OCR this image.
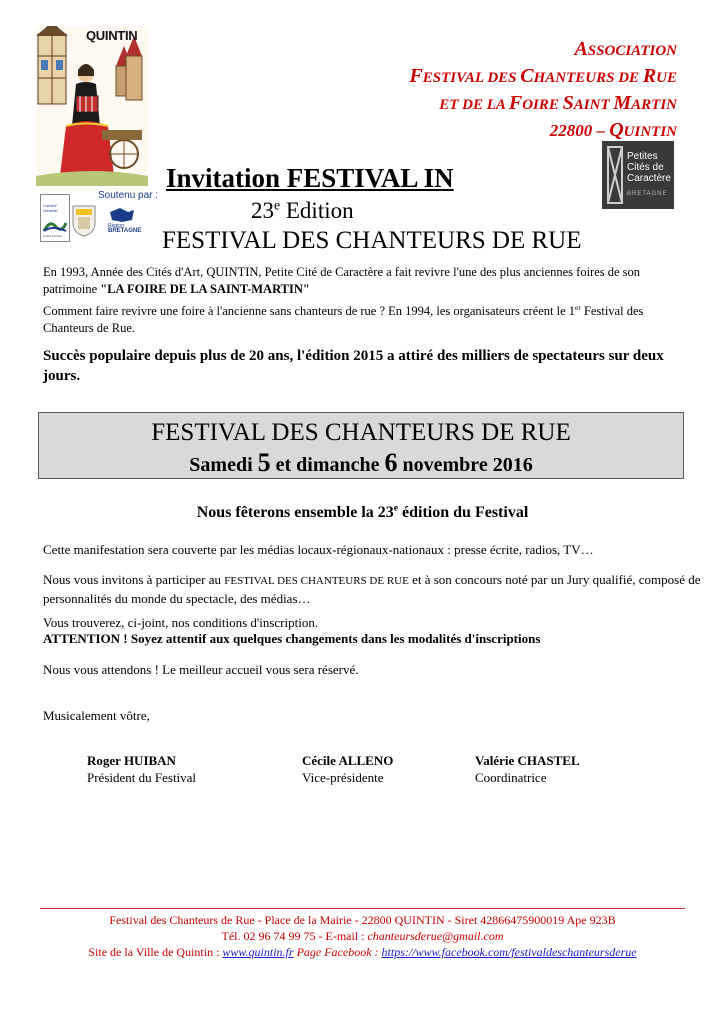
QUINTIN
Soutenu par :
Conseil Général
Côtes d'Armor
Région
BRETAGNE
ASSOCIATION
FESTIVAL DES CHANTEURS DE RUE
ET DE LA FOIRE SAINT MARTIN
22800 – QUINTIN
Petites
Cités de
Caractère
BRETAGNE
Invitation FESTIVAL IN
23e Edition
FESTIVAL DES CHANTEURS DE RUE
En 1993, Année des Cités d'Art, QUINTIN, Petite Cité de Caractère a fait revivre l'une des plus anciennes foires de son patrimoine "LA FOIRE DE LA SAINT-MARTIN"
Comment faire revivre une foire à l'ancienne sans chanteurs de rue ? En 1994, les organisateurs créent le 1er Festival des Chanteurs de Rue.
Succès populaire depuis plus de 20 ans, l'édition 2015 a attiré des milliers de spectateurs sur deux jours.
FESTIVAL DES CHANTEURS DE RUE
Samedi 5 et dimanche 6 novembre 2016
Nous fêterons ensemble la 23e édition du Festival
Cette manifestation sera couverte par les médias locaux-régionaux-nationaux : presse écrite, radios, TV…
Nous vous invitons à participer au FESTIVAL DES CHANTEURS DE RUE et à son concours noté par un Jury qualifié, composé de personnalités du monde du spectacle, des médias…
Vous trouverez, ci-joint, nos conditions d'inscription.
ATTENTION ! Soyez attentif aux quelques changements dans les modalités d'inscriptions
Nous vous attendons ! Le meilleur accueil vous sera réservé.
Musicalement vôtre,
Roger HUIBAN
Président du Festival
Cécile ALLENO
Vice-présidente
Valérie CHASTEL
Coordinatrice
Festival des Chanteurs de Rue - Place de la Mairie - 22800 QUINTIN - Siret 42866475900019 Ape 923B
Tél. 02 96 74 99 75 - E-mail : chanteursderue@gmail.com
Site de la Ville de Quintin : www.quintin.fr Page Facebook : https://www.facebook.com/festivaldeschanteursderue
